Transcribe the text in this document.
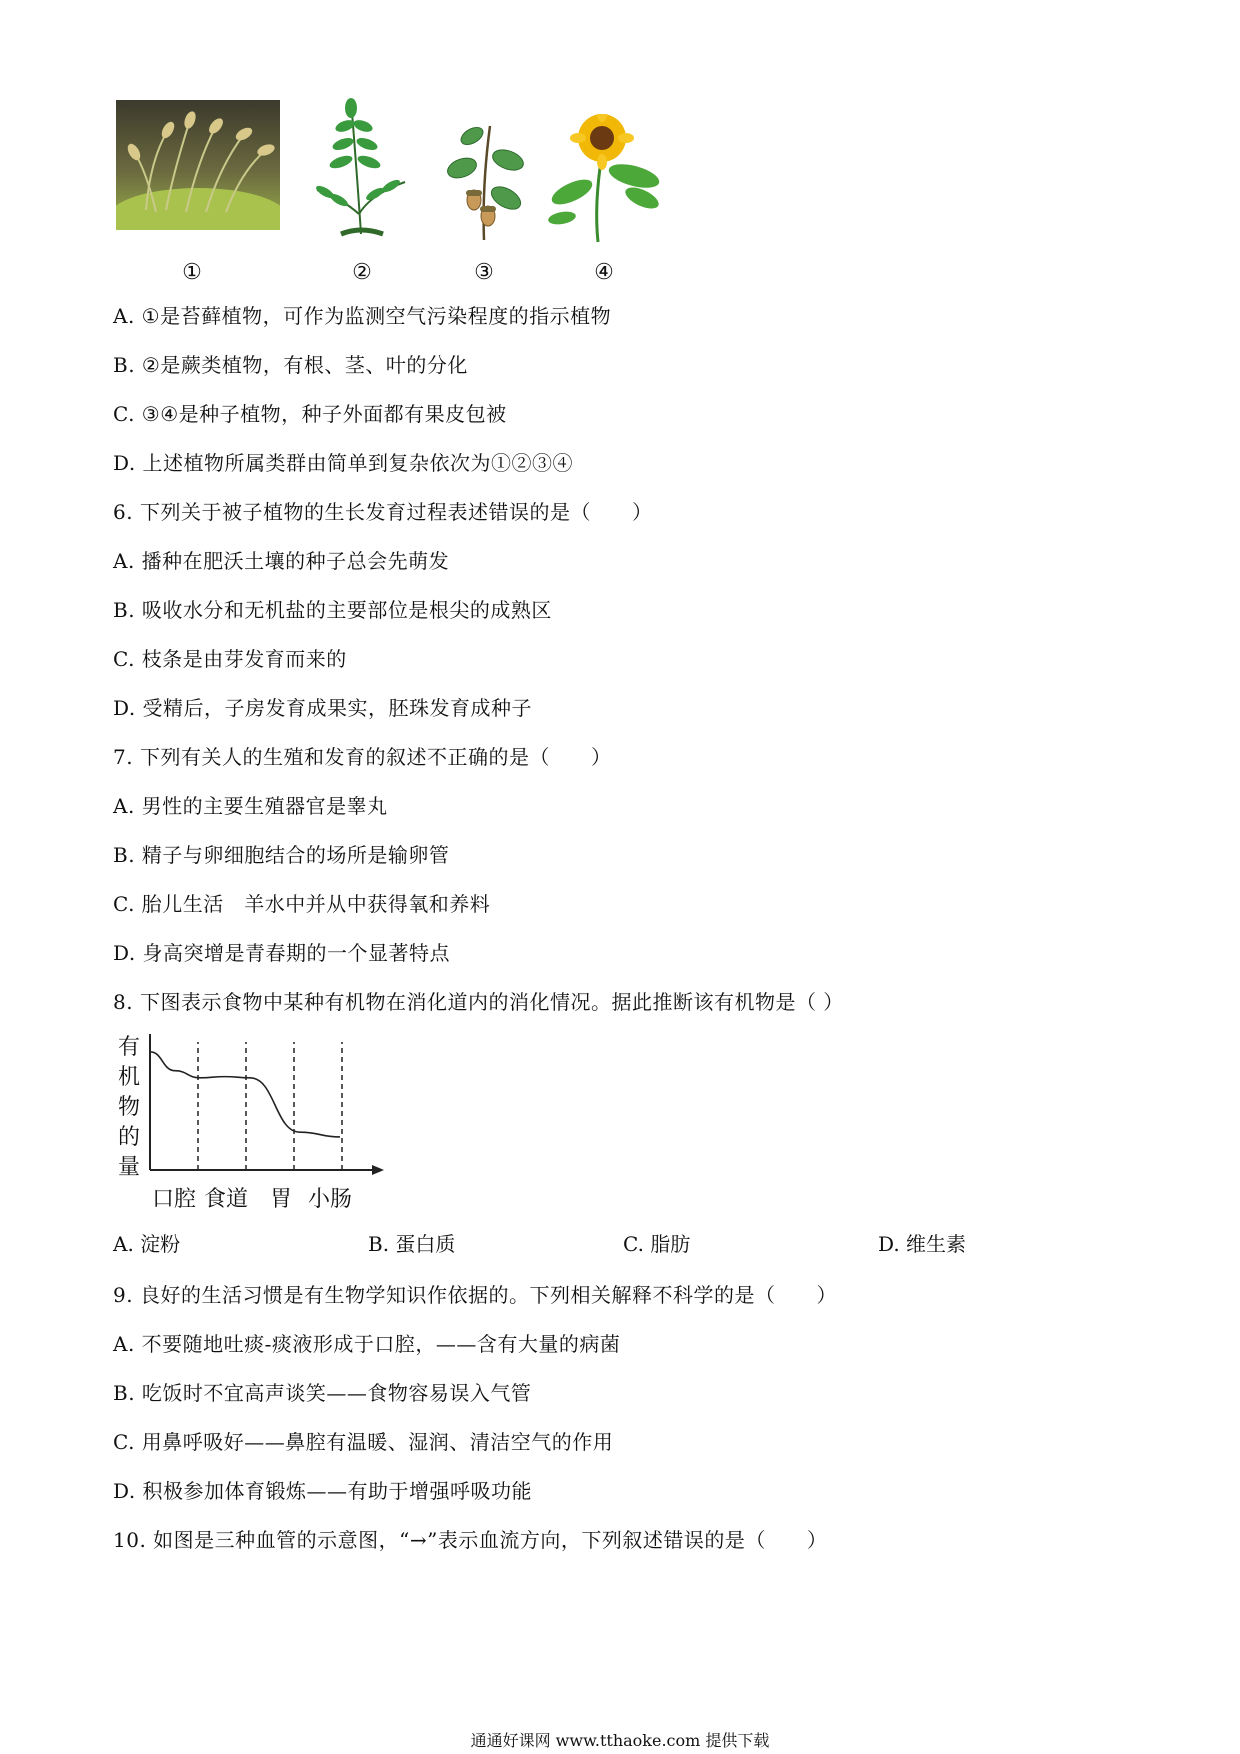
①	②	③	④
A. ①是苔藓植物，可作为监测空气污染程度的指示植物
B. ②是蕨类植物，有根、茎、叶的分化
C. ③④是种子植物，种子外面都有果皮包被
D. 上述植物所属类群由简单到复杂依次为①②③④
6. 下列关于被子植物的生长发育过程表述错误的是（　　）
A. 播种在肥沃土壤的种子总会先萌发
B. 吸收水分和无机盐的主要部位是根尖的成熟区
C. 枝条是由芽发育而来的
D. 受精后，子房发育成果实，胚珠发育成种子
7. 下列有关人的生殖和发育的叙述不正确的是（　　）
A. 男性的主要生殖器官是睾丸
B. 精子与卵细胞结合的场所是输卵管
C. 胎儿生活　羊水中并从中获得氧和养料
D. 身高突增是青春期的一个显著特点
8. 下图表示食物中某种有机物在消化道内的消化情况。据此推断该有机物是（ ）
有
机
物
的
量
口腔 食道 胃 小肠
A. 淀粉	B. 蛋白质	C. 脂肪	D. 维生素
9. 良好的生活习惯是有生物学知识作依据的。下列相关解释不科学的是（　　）
A. 不要随地吐痰-痰液形成于口腔，——含有大量的病菌
B. 吃饭时不宜高声谈笑——食物容易误入气管
C. 用鼻呼吸好——鼻腔有温暖、湿润、清洁空气的作用
D. 积极参加体育锻炼——有助于增强呼吸功能
10. 如图是三种血管的示意图，“→”表示血流方向，下列叙述错误的是（　　）
通通好课网 www.tthaoke.com 提供下载
